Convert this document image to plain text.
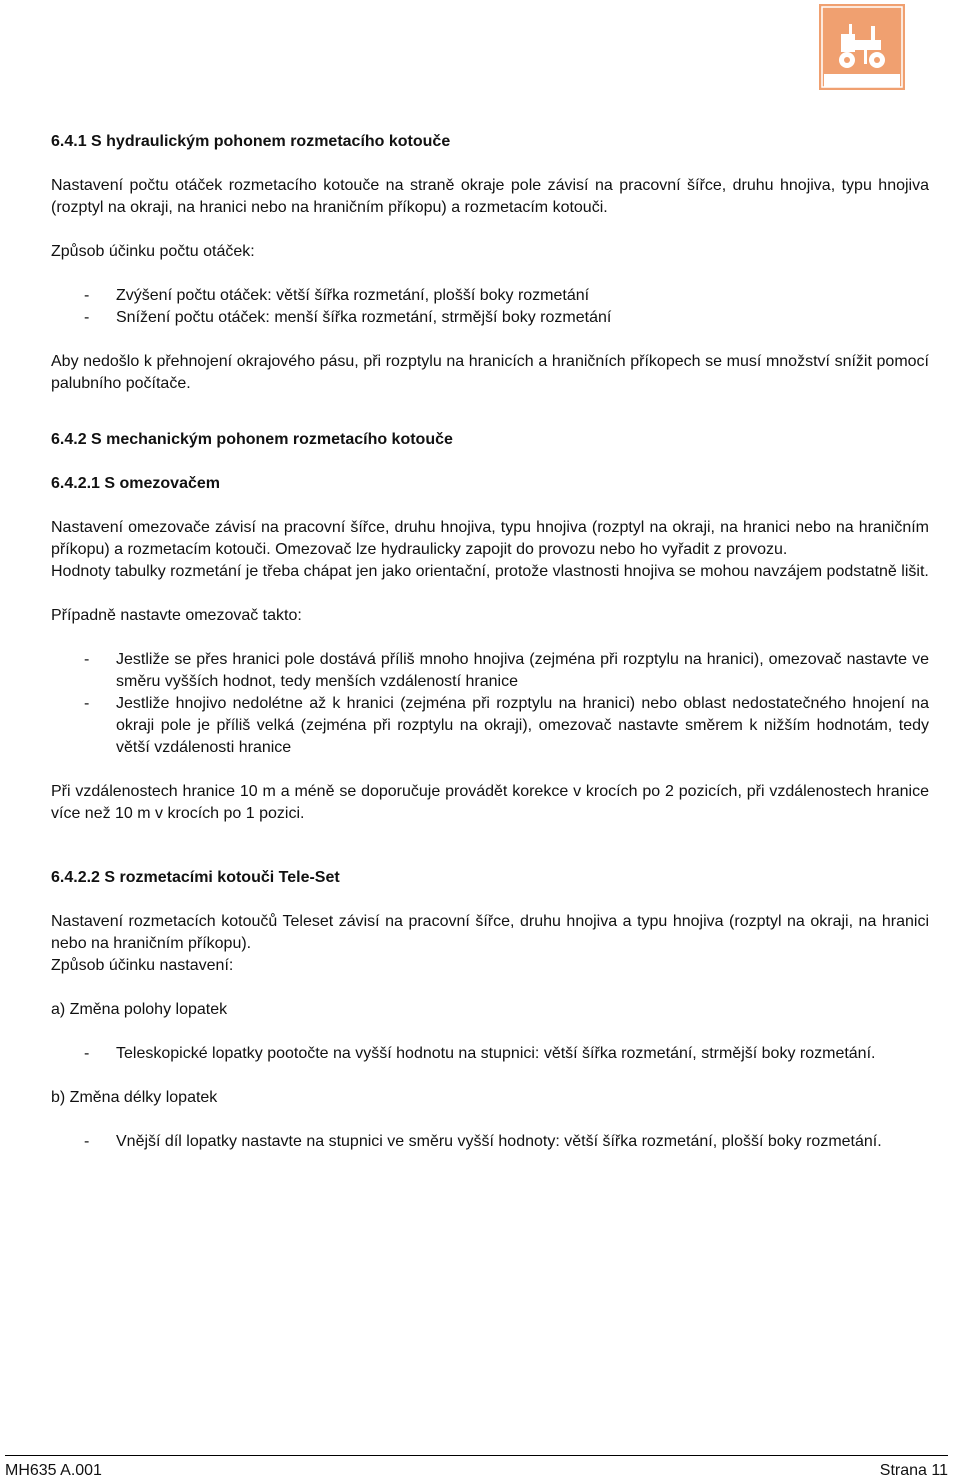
6.4.1 S hydraulickým pohonem rozmetacího kotouče

Nastavení počtu otáček rozmetacího kotouče na straně okraje pole závisí na pracovní šířce, druhu hnojiva, typu hnojiva (rozptyl na okraji, na hranici nebo na hraničním příkopu) a rozmetacím kotouči.

Způsob účinku počtu otáček:

- Zvýšení počtu otáček: větší šířka rozmetání, plošší boky rozmetání
- Snížení počtu otáček: menší šířka rozmetání, strmější boky rozmetání

Aby nedošlo k přehnojení okrajového pásu, při rozptylu na hranicích a hraničních příkopech se musí množství snížit pomocí palubního počítače.

6.4.2 S mechanickým pohonem rozmetacího kotouče

6.4.2.1 S omezovačem

Nastavení omezovače závisí na pracovní šířce, druhu hnojiva, typu hnojiva (rozptyl na okraji, na hranici nebo na hraničním příkopu) a rozmetacím kotouči. Omezovač lze hydraulicky zapojit do provozu nebo ho vyřadit z provozu.

Hodnoty tabulky rozmetání je třeba chápat jen jako orientační, protože vlastnosti hnojiva se mohou navzájem podstatně lišit.

Případně nastavte omezovač takto:

- Jestliže se přes hranici pole dostává příliš mnoho hnojiva (zejména při rozptylu na hranici), omezovač nastavte ve směru vyšších hodnot, tedy menších vzdáleností hranice
- Jestliže hnojivo nedolétne až k hranici (zejména při rozptylu na hranici) nebo oblast nedostatečného hnojení na okraji pole je příliš velká (zejména při rozptylu na okraji), omezovač nastavte směrem k nižším hodnotám, tedy větší vzdálenosti hranice

Při vzdálenostech hranice 10 m a méně se doporučuje provádět korekce v krocích po 2 pozicích, při vzdálenostech hranice více než 10 m v krocích po 1 pozici.

6.4.2.2 S rozmetacími kotouči Tele-Set

Nastavení rozmetacích kotoučů Teleset závisí na pracovní šířce, druhu hnojiva a typu hnojiva (rozptyl na okraji, na hranici nebo na hraničním příkopu).

Způsob účinku nastavení:

a) Změna polohy lopatek

- Teleskopické lopatky pootočte na vyšší hodnotu na stupnici: větší šířka rozmetání, strmější boky rozmetání.

b) Změna délky lopatek

- Vnější díl lopatky nastavte na stupnici ve směru vyšší hodnoty: větší šířka rozmetání, plošší boky rozmetání.
MH635 A.001	Strana 11
